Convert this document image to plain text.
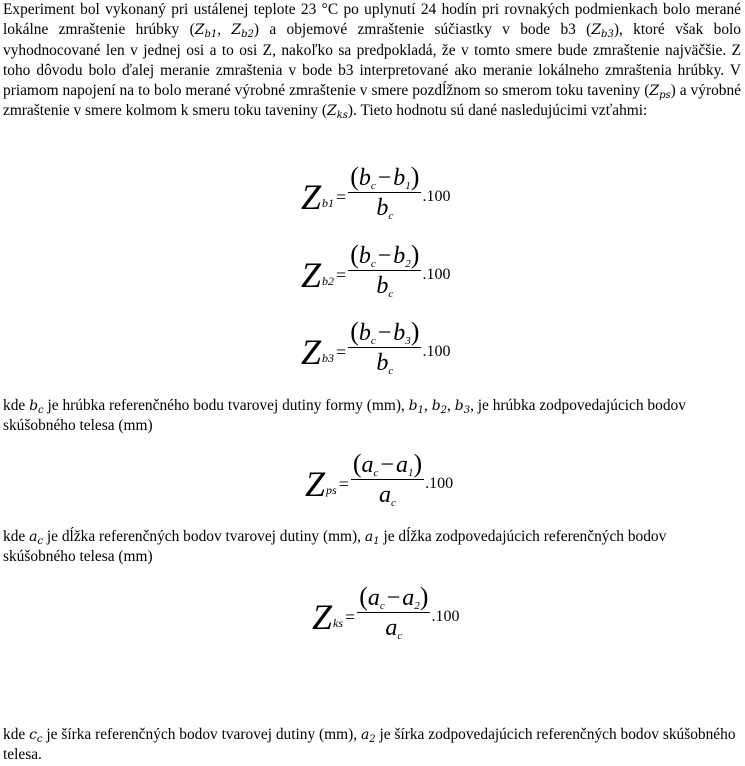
Experiment bol vykonaný pri ustálenej teplote 23 °C po uplynutí 24 hodín pri rovnakých podmienkach bolo merané lokálne zmraštenie hrúbky ($Z_{b1}$, $Z_{b2}$) a objemové zmraštenie súčiastky v bode b3 $(Z_{b3})$, ktoré však bolo vyhodnocované len v jednej osi a to osi Z, nakoľko sa predpokladá, že v tomto smere bude zmraštenie najväčšie. Z toho dôvodu bolo ďalej meranie zmraštenia v bode b3 interpretované ako meranie lokálneho zmraštenia hrúbky. V priamom napojení na to bolo merané výrobné zmraštenie v smere pozdĺžnom so smerom toku taveniny $(Z_{ps})$ a výrobné zmraštenie v smere kolmom k smeru toku taveniny $(Z_{ks})$. Tieto hodnotu sú dané nasledujúcimi vzťahmi:

Z $b1 = \frac{(b_c-b_1)}{b_c} .100$
Z $b2 = \frac{(b_c-b_2)}{b_c} .100$
Z $b3 = \frac{(b_c-b_3)}{b_c} .100$

kde $b_c$ je hrúbka referenčného bodu tvarovej dutiny formy (mm), $b_1$, $b_2$, $b_3$, je hrúbka zodpovedajúcich bodov skúšobného telesa (mm)

Z ps = $\frac{(a_c-a_1)}{a_c} .100$

kde $a_c$ je dĺžka referenčných bodov tvarovej dutiny (mm), $a_1$ je dĺžka zodpovedajúcich referenčných bodov skúšobného telesa (mm)

Z ks = $\frac{(a_c-a_2)}{a_c} .100$

kde $c_c$ je šírka referenčných bodov tvarovej dutiny (mm), $a_2$ je šírka zodpovedajúcich referenčných bodov skúšobného telesa.
